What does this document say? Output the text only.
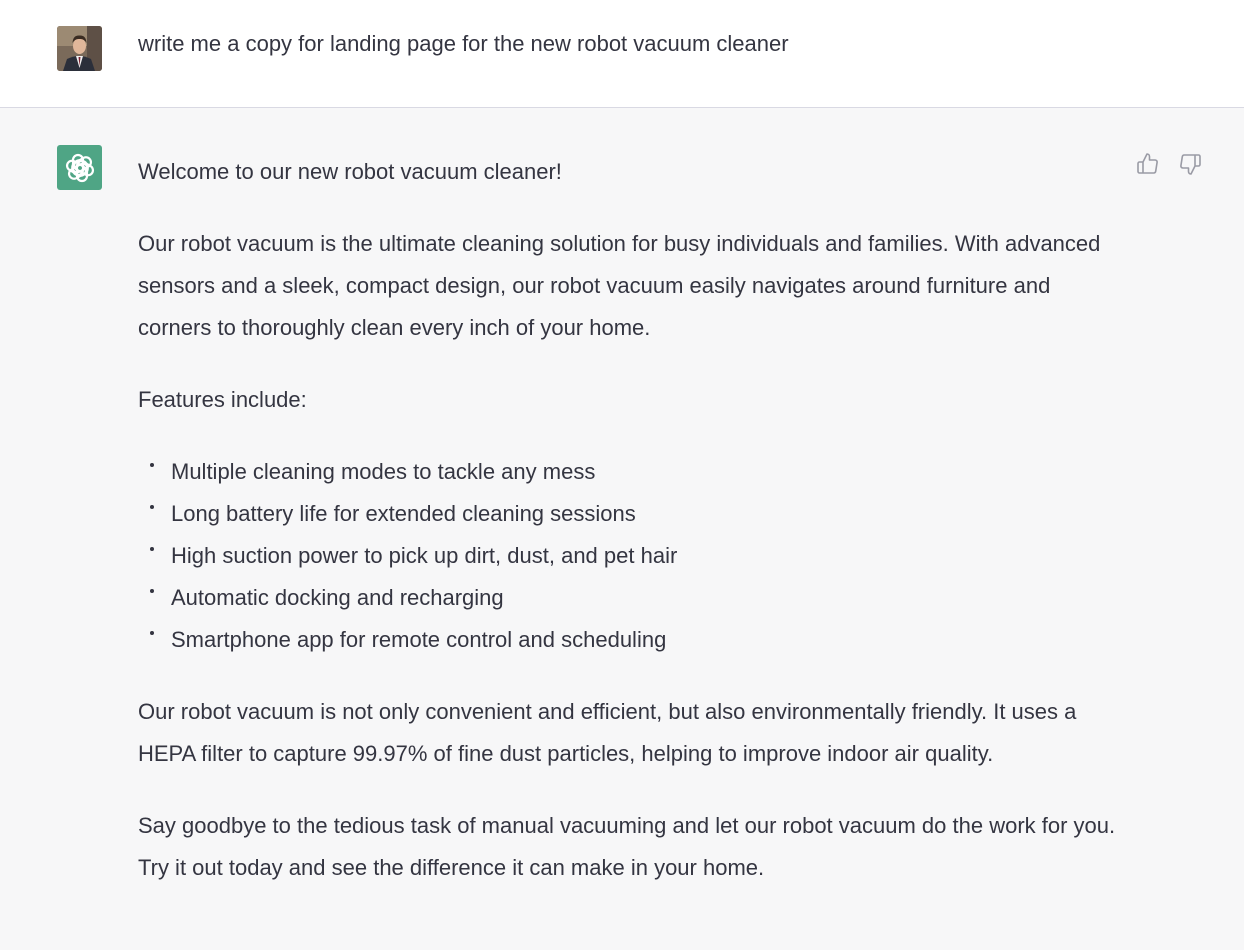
write me a copy for landing page for the new robot vacuum cleaner

Welcome to our new robot vacuum cleaner!

Our robot vacuum is the ultimate cleaning solution for busy individuals and families. With advanced sensors and a sleek, compact design, our robot vacuum easily navigates around furniture and corners to thoroughly clean every inch of your home.

Features include:

Multiple cleaning modes to tackle any mess
Long battery life for extended cleaning sessions
High suction power to pick up dirt, dust, and pet hair
Automatic docking and recharging
Smartphone app for remote control and scheduling

Our robot vacuum is not only convenient and efficient, but also environmentally friendly. It uses a HEPA filter to capture 99.97% of fine dust particles, helping to improve indoor air quality.

Say goodbye to the tedious task of manual vacuuming and let our robot vacuum do the work for you. Try it out today and see the difference it can make in your home.
